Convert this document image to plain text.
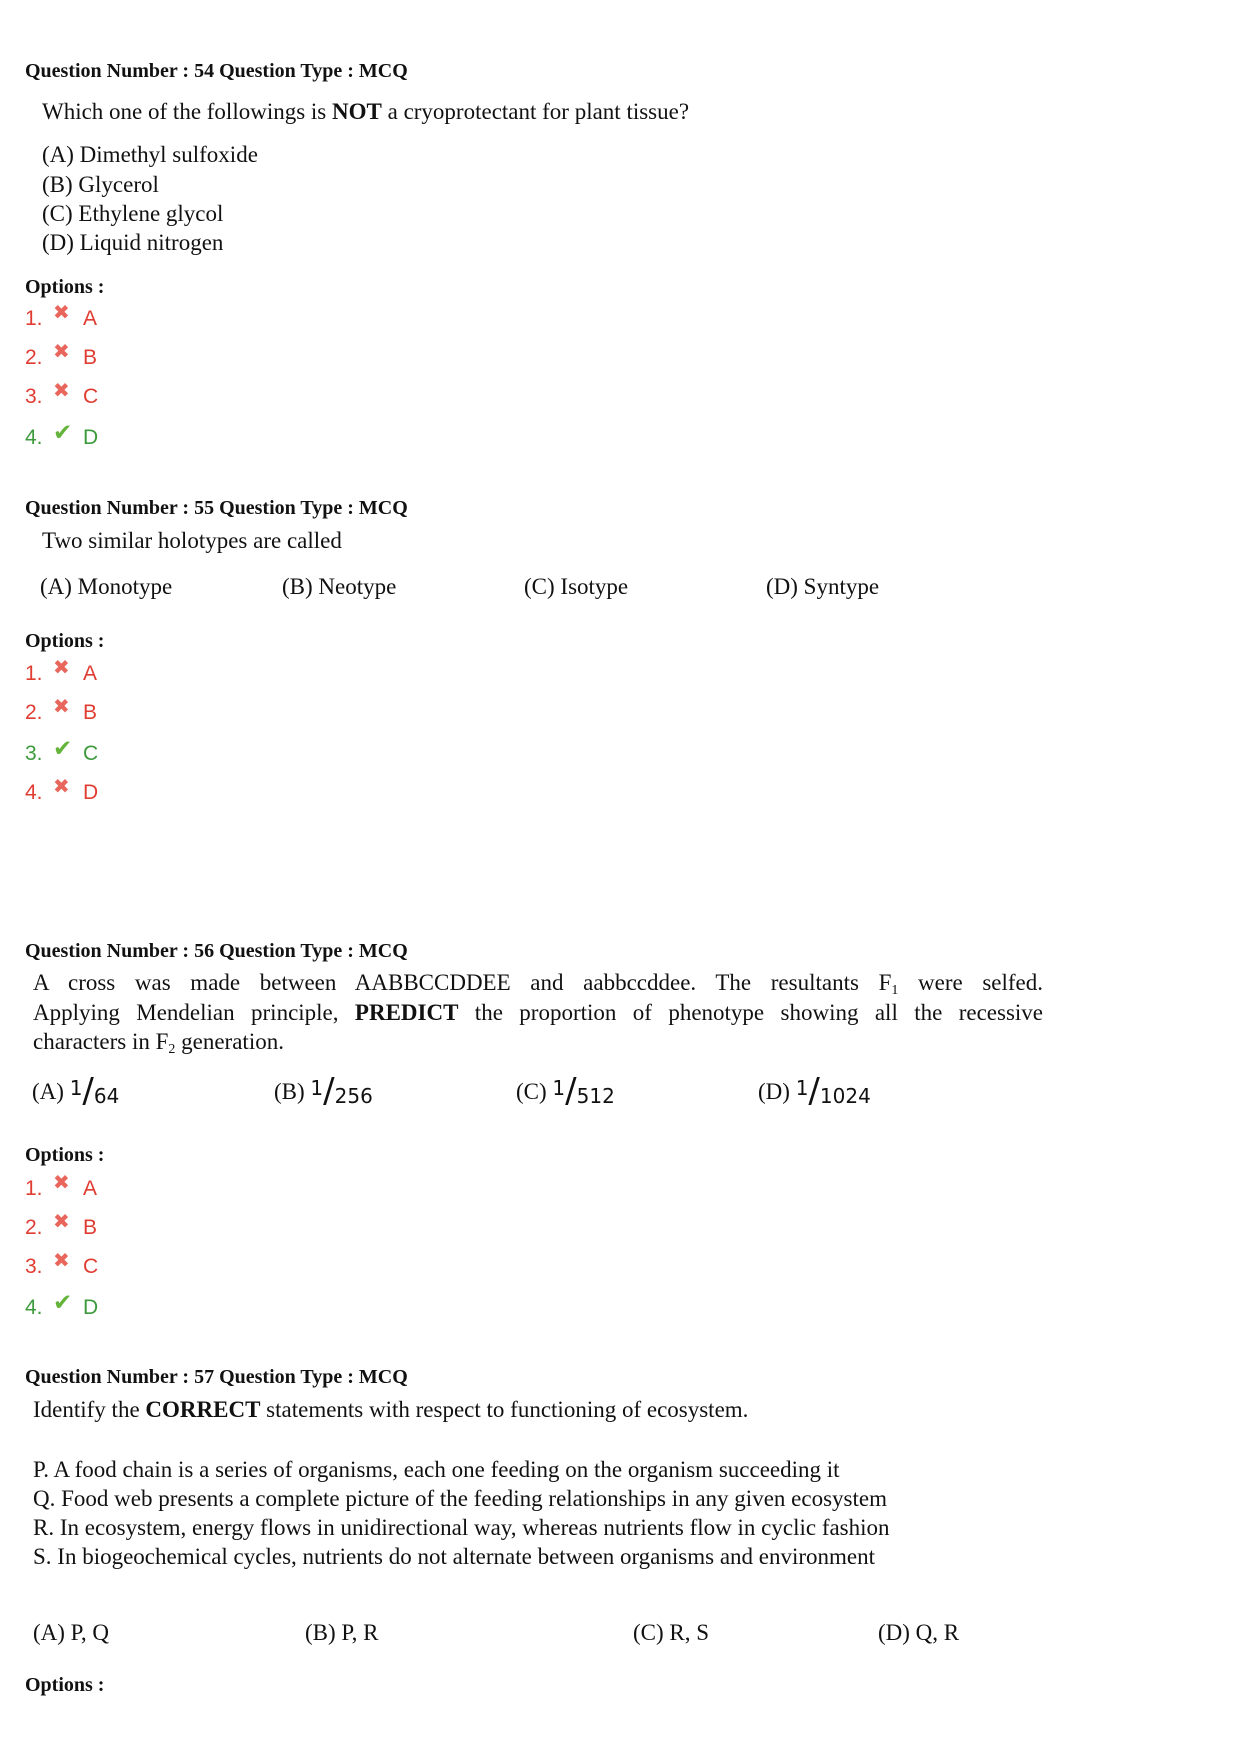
Question Number : 54 Question Type : MCQ
Which one of the followings is NOT a cryoprotectant for plant tissue?
(A) Dimethyl sulfoxide
(B) Glycerol
(C) Ethylene glycol
(D) Liquid nitrogen
Options :
1. ✖ A
2. ✖ B
3. ✖ C
4. ✔ D
Question Number : 55 Question Type : MCQ
Two similar holotypes are called
(A) Monotype	(B) Neotype	(C) Isotype	(D) Syntype
Options :
1. ✖ A
2. ✖ B
3. ✔ C
4. ✖ D
Question Number : 56 Question Type : MCQ
A cross was made between AABBCCDDEE and aabbccddee. The resultants F1 were selfed.
Applying Mendelian principle, PREDICT the proportion of phenotype showing all the recessive
characters in F2 generation.
(A) $^1/_{64}$	(B) $^1/_{256}$	(C) $^1/_{512}$	(D) $^1/_{1024}$
Options :
1. ✖ A
2. ✖ B
3. ✖ C
4. ✔ D
Question Number : 57 Question Type : MCQ
Identify the CORRECT statements with respect to functioning of ecosystem.
P. A food chain is a series of organisms, each one feeding on the organism succeeding it
Q. Food web presents a complete picture of the feeding relationships in any given ecosystem
R. In ecosystem, energy flows in unidirectional way, whereas nutrients flow in cyclic fashion
S. In biogeochemical cycles, nutrients do not alternate between organisms and environment
(A) P, Q	(B) P, R	(C) R, S	(D) Q, R
Options :
